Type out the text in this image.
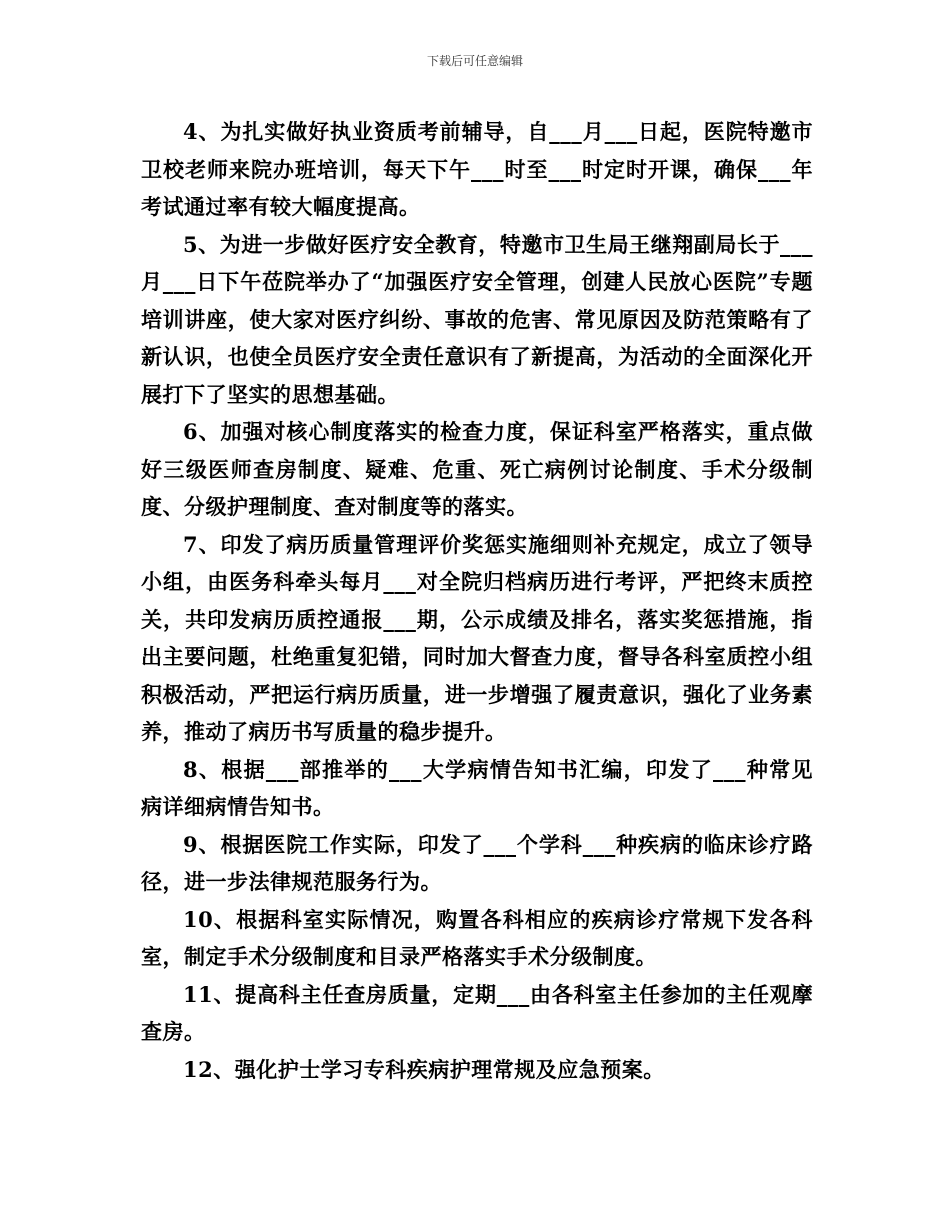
下载后可任意编辑

4、为扎实做好执业资质考前辅导，自___月___日起，医院特邀市卫校老师来院办班培训，每天下午___时至___时定时开课，确保___年考试通过率有较大幅度提高。

5、为进一步做好医疗安全教育，特邀市卫生局王继翔副局长于___月___日下午莅院举办了“加强医疗安全管理，创建人民放心医院”专题培训讲座，使大家对医疗纠纷、事故的危害、常见原因及防范策略有了新认识，也使全员医疗安全责任意识有了新提高，为活动的全面深化开展打下了坚实的思想基础。

6、加强对核心制度落实的检查力度，保证科室严格落实，重点做好三级医师查房制度、疑难、危重、死亡病例讨论制度、手术分级制度、分级护理制度、查对制度等的落实。

7、印发了病历质量管理评价奖惩实施细则补充规定，成立了领导小组，由医务科牵头每月___对全院归档病历进行考评，严把终末质控关，共印发病历质控通报___期，公示成绩及排名，落实奖惩措施，指出主要问题，杜绝重复犯错，同时加大督查力度，督导各科室质控小组积极活动，严把运行病历质量，进一步增强了履责意识，强化了业务素养，推动了病历书写质量的稳步提升。

8、根据___部推举的___大学病情告知书汇编，印发了___种常见病详细病情告知书。

9、根据医院工作实际，印发了___个学科___种疾病的临床诊疗路径，进一步法律规范服务行为。

10、根据科室实际情况，购置各科相应的疾病诊疗常规下发各科室，制定手术分级制度和目录严格落实手术分级制度。

11、提高科主任查房质量，定期___由各科室主任参加的主任观摩查房。

12、强化护士学习专科疾病护理常规及应急预案。
